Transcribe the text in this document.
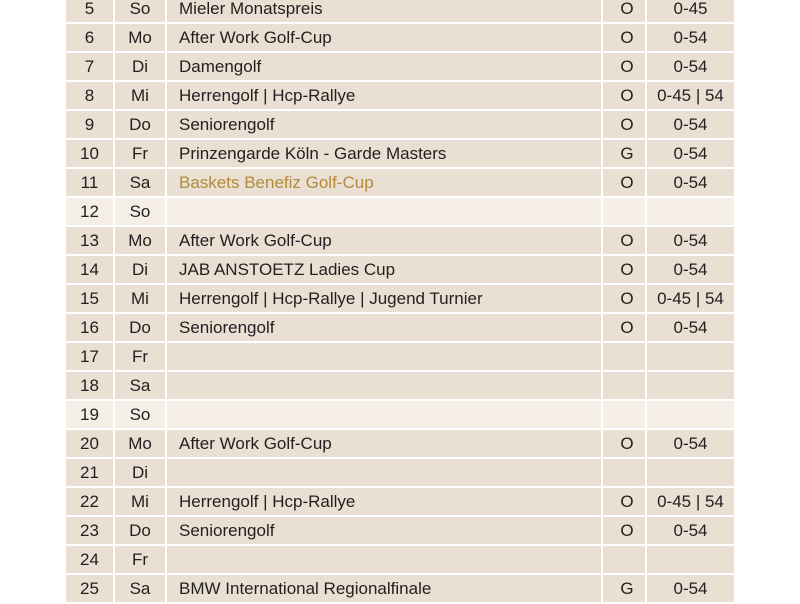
5	So	Mieler Monatspreis	O	0-45
6	Mo	After Work Golf-Cup	O	0-54
7	Di	Damengolf	O	0-54
8	Mi	Herrengolf | Hcp-Rallye	O	0-45 | 54
9	Do	Seniorengolf	O	0-54
10	Fr	Prinzengarde Köln - Garde Masters	G	0-54
11	Sa	Baskets Benefiz Golf-Cup	O	0-54
12	So			
13	Mo	After Work Golf-Cup	O	0-54
14	Di	JAB ANSTOETZ Ladies Cup	O	0-54
15	Mi	Herrengolf | Hcp-Rallye | Jugend Turnier	O	0-45 | 54
16	Do	Seniorengolf	O	0-54
17	Fr			
18	Sa			
19	So			
20	Mo	After Work Golf-Cup	O	0-54
21	Di			
22	Mi	Herrengolf | Hcp-Rallye	O	0-45 | 54
23	Do	Seniorengolf	O	0-54
24	Fr			
25	Sa	BMW International Regionalfinale	G	0-54
